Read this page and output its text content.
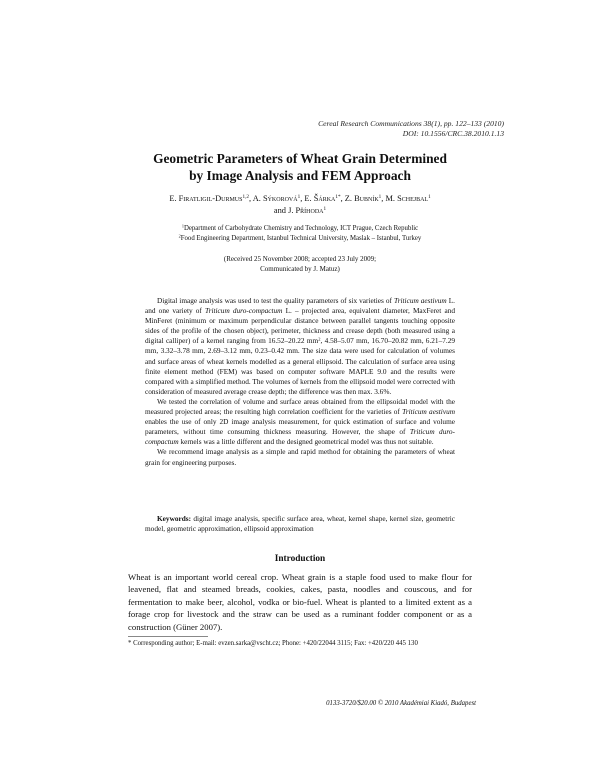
Cereal Research Communications 38(1), pp. 122–133 (2010)
DOI: 10.1556/CRC.38.2010.1.13
Geometric Parameters of Wheat Grain Determined
by Image Analysis and FEM Approach
E. Firatligil-Durmus$^{1,2}$, A. Sýkorová$^1$, E. Šárka$^{1*}$, Z. Bubník$^1$, M. Schejbal$^1$
and J. Příhoda$^1$
$^1$Department of Carbohydrate Chemistry and Technology, ICT Prague, Czech Republic
$^2$Food Engineering Department, Istanbul Technical University, Maslak – Istanbul, Turkey
(Received 25 November 2008; accepted 23 July 2009;
Communicated by J. Matuz)

Digital image analysis was used to test the quality parameters of six varieties of Triticum aestivum L. and one variety of Triticum duro-compactum L. – projected area, equivalent diameter, MaxFeret and MinFeret (minimum or maximum perpendicular distance between parallel tangents touching opposite sides of the profile of the chosen object), perimeter, thickness and crease depth (both measured using a digital calliper) of a kernel ranging from 16.52–20.22 $mm^2$, 4.58–5.07 mm, 16.70–20.82 mm, 6.21–7.29 mm, 3.32–3.78 mm, 2.69–3.12 mm, 0.23–0.42 mm. The size data were used for calculation of volumes and surface areas of wheat kernels modelled as a general ellipsoid. The calculation of surface area using finite element method (FEM) was based on computer software MAPLE 9.0 and the results were compared with a simplified method. The volumes of kernels from the ellipsoid model were corrected with consideration of measured average crease depth; the difference was then max. 3.6%.

We tested the correlation of volume and surface areas obtained from the ellipsoidal model with the measured projected areas; the resulting high correlation coefficient for the varieties of Triticum aestivum enables the use of only 2D image analysis measurement, for quick estimation of surface and volume parameters, without time consuming thickness measuring. However, the shape of Triticum duro-compactum kernels was a little different and the designed geometrical model was thus not suitable.

We recommend image analysis as a simple and rapid method for obtaining the parameters of wheat grain for engineering purposes.

Keywords: digital image analysis, specific surface area, wheat, kernel shape, kernel size, geometric model, geometric approximation, ellipsoid approximation
Introduction

Wheat is an important world cereal crop. Wheat grain is a staple food used to make flour for leavened, flat and steamed breads, cookies, cakes, pasta, noodles and couscous, and for fermentation to make beer, alcohol, vodka or bio-fuel. Wheat is planted to a limited extent as a forage crop for livestock and the straw can be used as a ruminant fodder component or as a construction (Güner 2007).

* Corresponding author; E-mail: evzen.sarka@vscht.cz; Phone: +420/22044 3115; Fax: +420/220 445 130
0133-3720/$20.00 © 2010 Akadémiai Kiadó, Budapest
